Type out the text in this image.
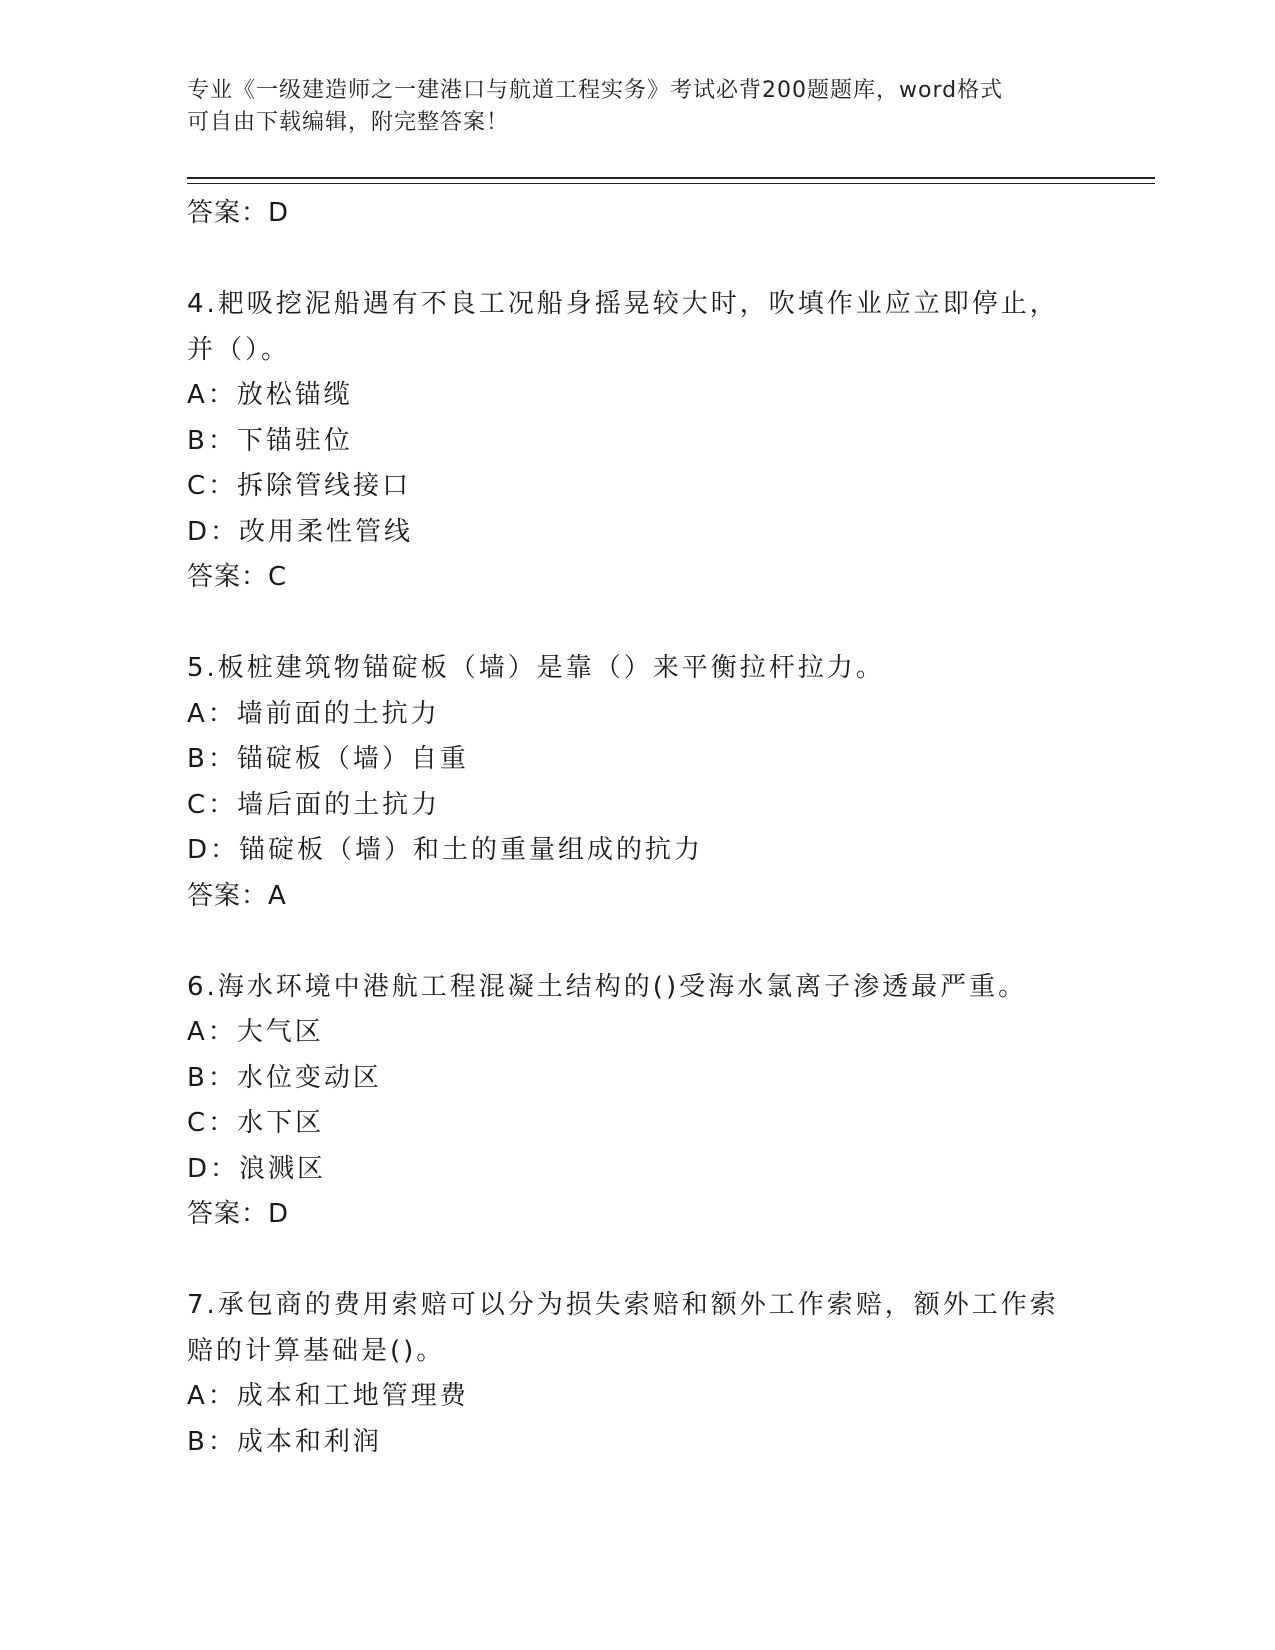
专业《一级建造师之一建港口与航道工程实务》考试必背200题题库，word格式
可自由下载编辑，附完整答案！
答案：D
4.耙吸挖泥船遇有不良工况船身摇晃较大时，吹填作业应立即停止，
并（）。
A：放松锚缆
B：下锚驻位
C：拆除管线接口
D：改用柔性管线
答案：C
5.板桩建筑物锚碇板（墙）是靠（）来平衡拉杆拉力。
A：墙前面的土抗力
B：锚碇板（墙）自重
C：墙后面的土抗力
D：锚碇板（墙）和土的重量组成的抗力
答案：A
6.海水环境中港航工程混凝土结构的()受海水氯离子渗透最严重。
A：大气区
B：水位变动区
C：水下区
D：浪溅区
答案：D
7.承包商的费用索赔可以分为损失索赔和额外工作索赔，额外工作索
赔的计算基础是()。
A：成本和工地管理费
B：成本和利润
